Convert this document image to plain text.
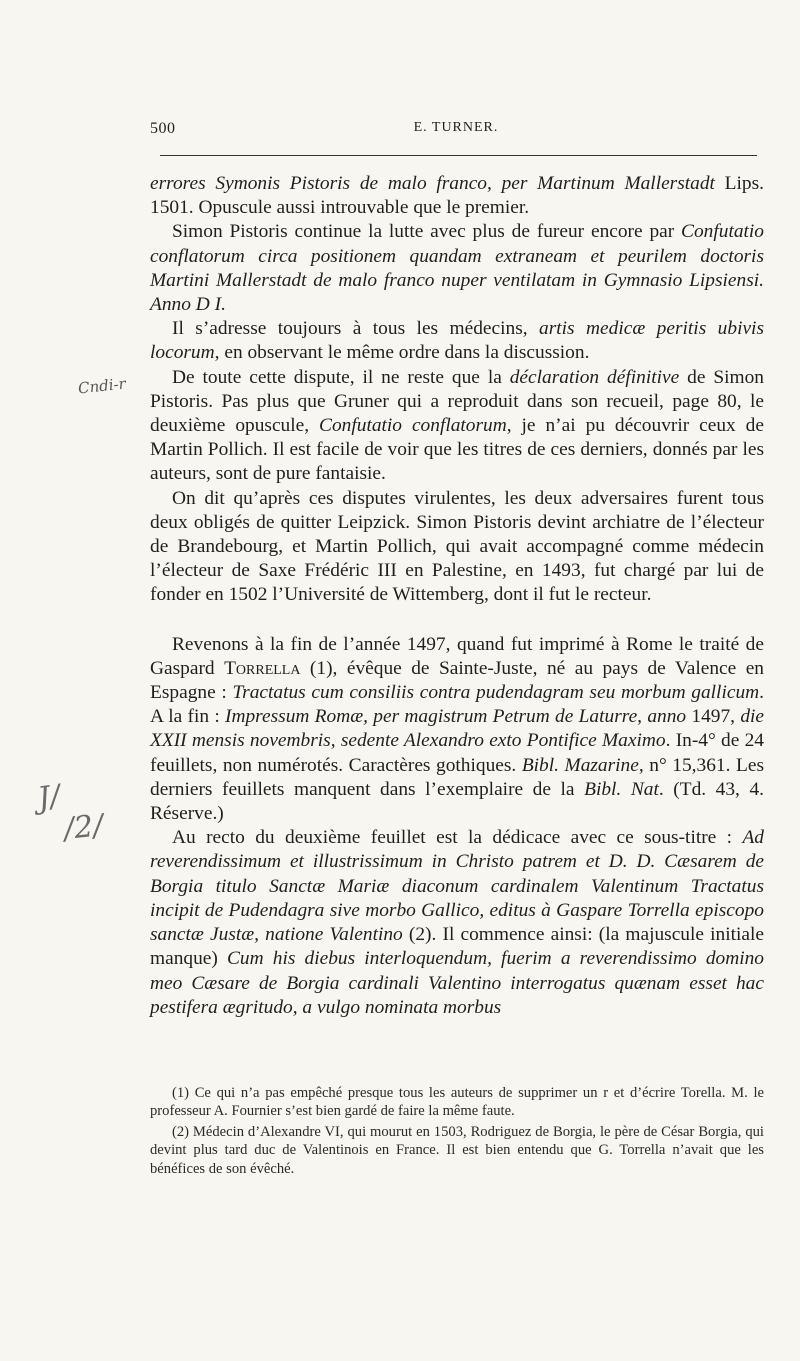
500	E. TURNER.
Cndi-r
J/
/2/

errores Symonis Pistoris de malo franco, per Martinum Mallerstadt Lips. 1501. Opuscule aussi introuvable que le premier.

Simon Pistoris continue la lutte avec plus de fureur encore par Confutatio conflatorum circa positionem quandam extraneam et peurilem doctoris Martini Mallerstadt de malo franco nuper ventilatam in Gymnasio Lipsiensi. Anno D I.

Il s’adresse toujours à tous les médecins, artis medicæ peritis ubivis locorum, en observant le même ordre dans la discussion.

De toute cette dispute, il ne reste que la déclaration définitive de Simon Pistoris. Pas plus que Gruner qui a reproduit dans son recueil, page 80, le deuxième opuscule, Confutatio conflatorum, je n’ai pu découvrir ceux de Martin Pollich. Il est facile de voir que les titres de ces derniers, donnés par les auteurs, sont de pure fantaisie.

On dit qu’après ces disputes virulentes, les deux adversaires furent tous deux obligés de quitter Leipzick. Simon Pistoris devint archiatre de l’électeur de Brandebourg, et Martin Pollich, qui avait accompagné comme médecin l’électeur de Saxe Frédéric III en Palestine, en 1493, fut chargé par lui de fonder en 1502 l’Université de Wittemberg, dont il fut le recteur.

Revenons à la fin de l’année 1497, quand fut imprimé à Rome le traité de Gaspard Torrella (1), évêque de Sainte-Juste, né au pays de Valence en Espagne : Tractatus cum consiliis contra pudendagram seu morbum gallicum. A la fin : Impressum Romæ, per magistrum Petrum de Laturre, anno 1497, die XXII mensis novembris, sedente Alexandro exto Pontifice Maximo. In-4° de 24 feuillets, non numérotés. Caractères gothiques. Bibl. Mazarine, n° 15,361. Les derniers feuillets manquent dans l’exemplaire de la Bibl. Nat. (Td. 43, 4. Réserve.)

Au recto du deuxième feuillet est la dédicace avec ce sous-titre : Ad reverendissimum et illustrissimum in Christo patrem et D. D. Cæsarem de Borgia titulo Sanctæ Mariæ diaconum cardinalem Valentinum Tractatus incipit de Pudendagra sive morbo Gallico, editus à Gaspare Torrella episcopo sanctæ Justæ, natione Valentino (2). Il commence ainsi: (la majuscule initiale manque) Cum his diebus interloquendum, fuerim a reverendissimo domino meo Cæsare de Borgia cardinali Valentino interrogatus quænam esset hac pestifera ægritudo, a vulgo nominata morbus

(1) Ce qui n’a pas empêché presque tous les auteurs de supprimer un r et d’écrire Torella. M. le professeur A. Fournier s’est bien gardé de faire la même faute.

(2) Médecin d’Alexandre VI, qui mourut en 1503, Rodriguez de Borgia, le père de César Borgia, qui devint plus tard duc de Valentinois en France. Il est bien entendu que G. Torrella n’avait que les bénéfices de son évêché.
